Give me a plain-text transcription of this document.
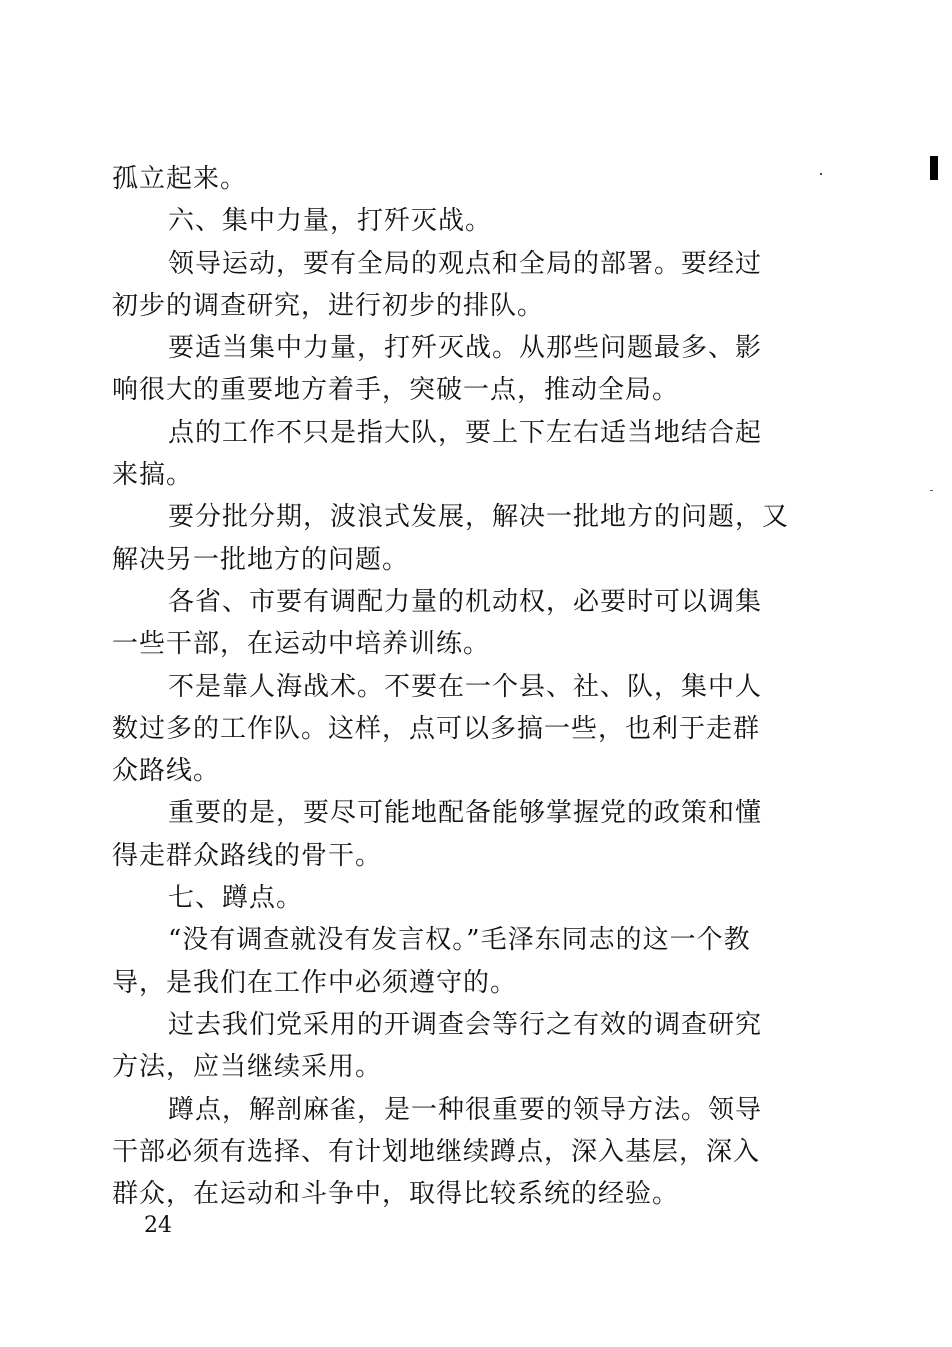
孤立起来。
六、集中力量，打歼灭战。
领导运动，要有全局的观点和全局的部署。要经过
初步的调查研究，进行初步的排队。
要适当集中力量，打歼灭战。从那些问题最多、影
响很大的重要地方着手，突破一点，推动全局。
点的工作不只是指大队，要上下左右适当地结合起
来搞。
要分批分期，波浪式发展，解决一批地方的问题，又
解决另一批地方的问题。
各省、市要有调配力量的机动权，必要时可以调集
一些干部，在运动中培养训练。
不是靠人海战术。不要在一个县、社、队，集中人
数过多的工作队。这样，点可以多搞一些，也利于走群
众路线。
重要的是，要尽可能地配备能够掌握党的政策和懂
得走群众路线的骨干。
七、蹲点。
“没有调查就没有发言权。”毛泽东同志的这一个教
导，是我们在工作中必须遵守的。
过去我们党采用的开调查会等行之有效的调查研究
方法，应当继续采用。
蹲点，解剖麻雀，是一种很重要的领导方法。领导
干部必须有选择、有计划地继续蹲点，深入基层，深入
群众，在运动和斗争中，取得比较系统的经验。
24
